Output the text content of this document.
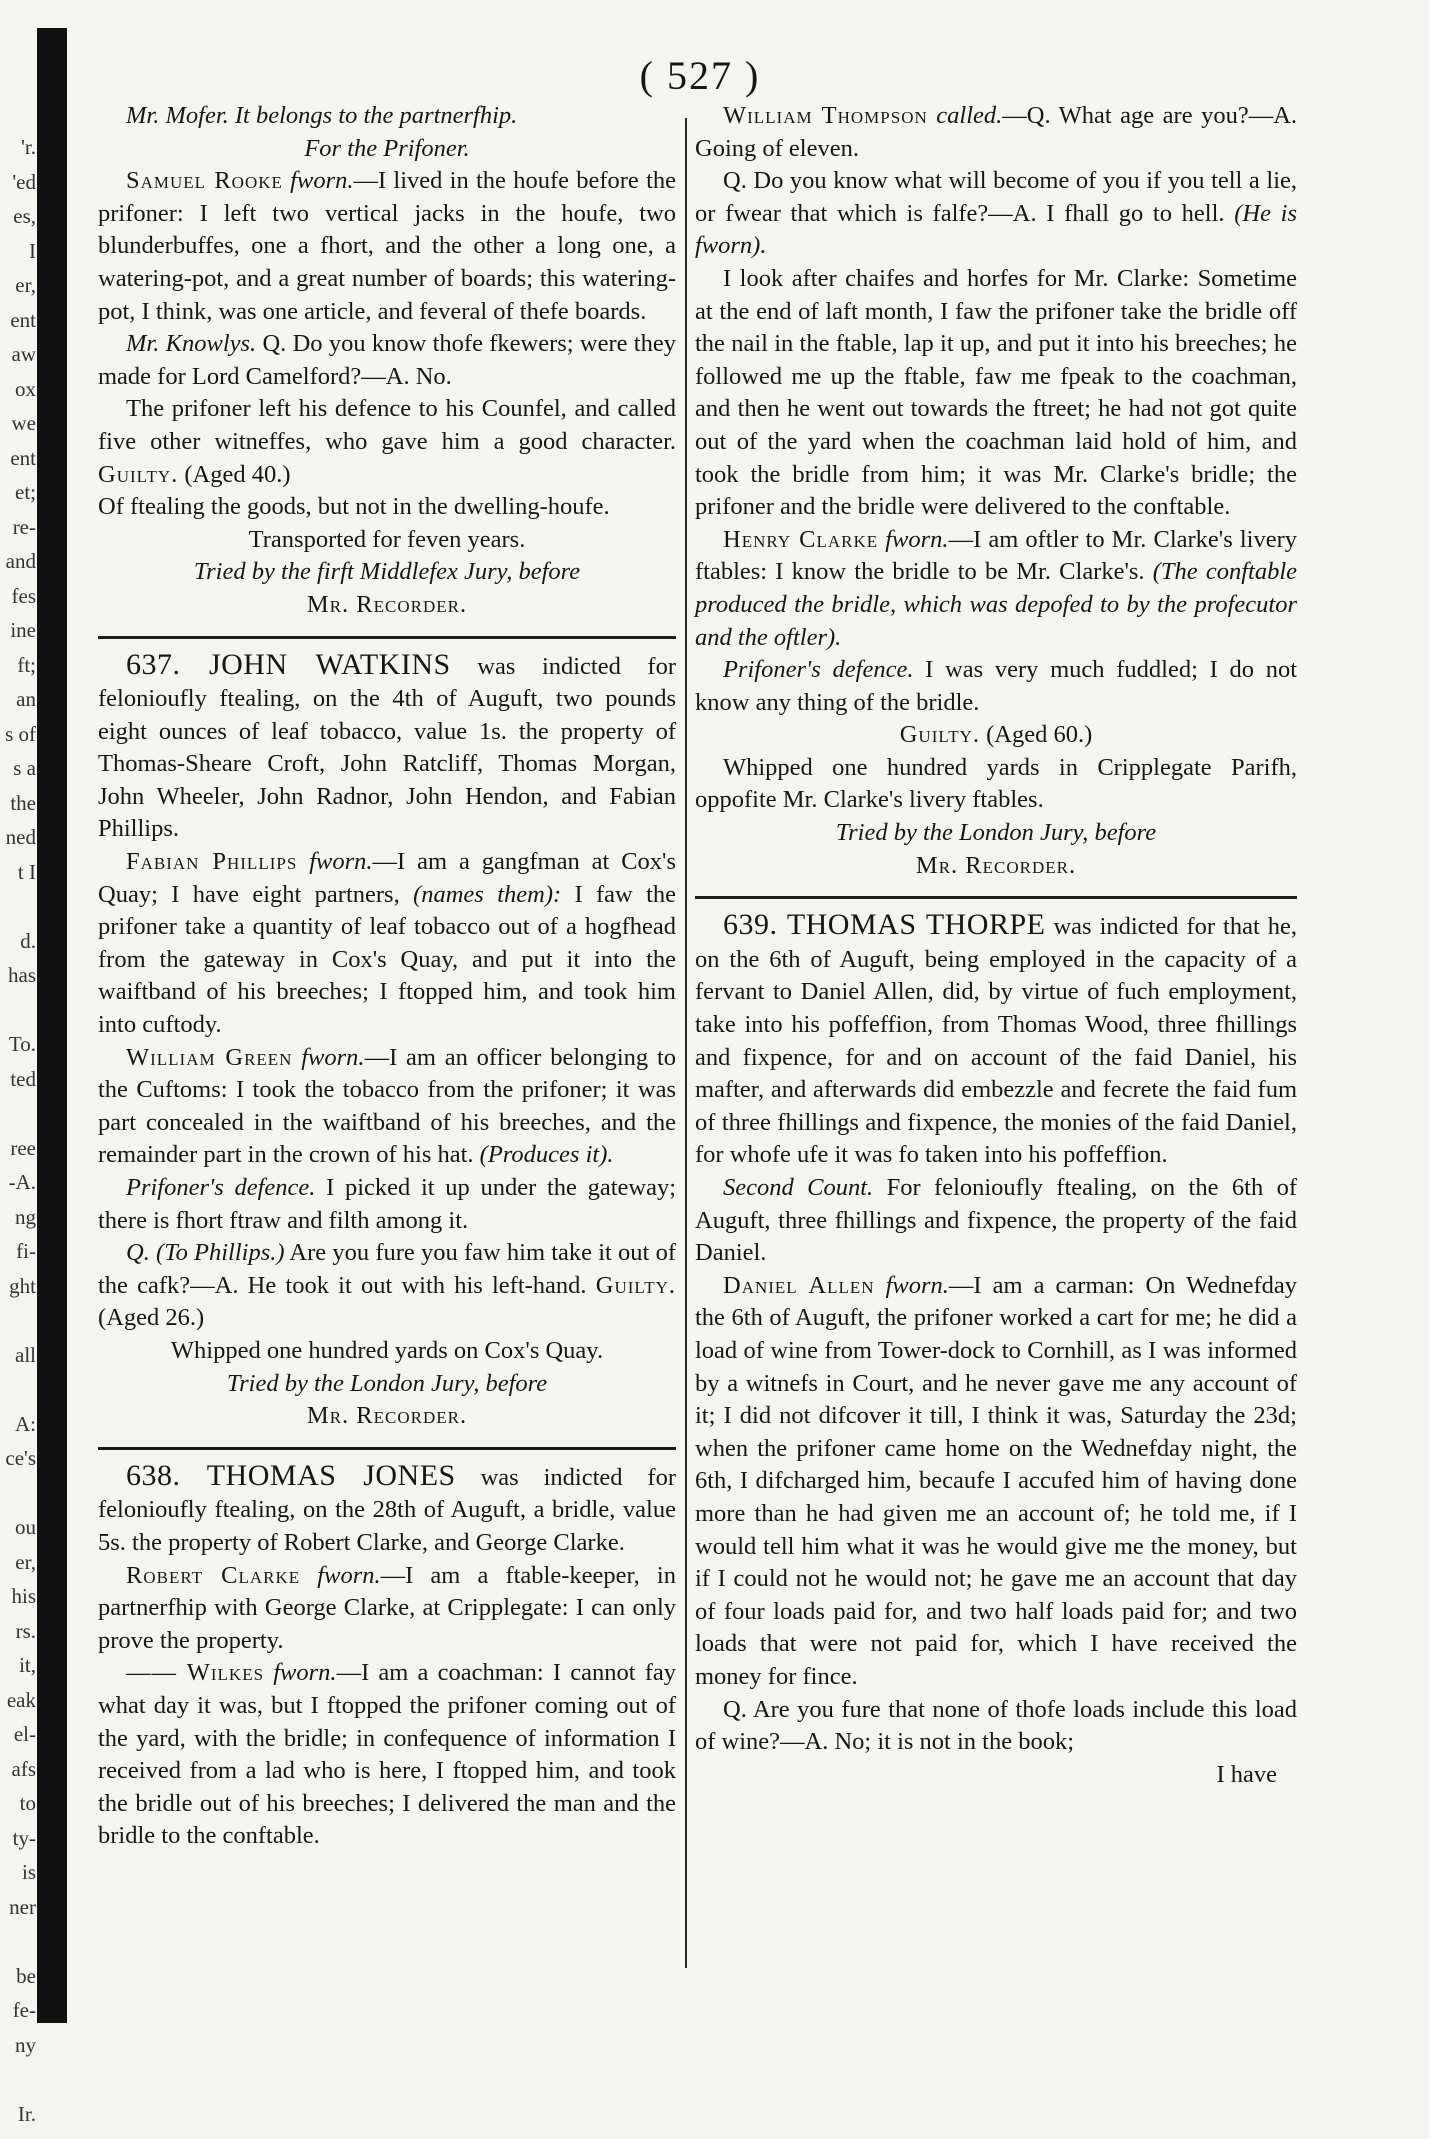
'r.
'ed
es,
I
er,
ent
aw
ox
we
ent
et;
re-
and
fes
ine
ft;
an
s of
s a
the
ned
t I
d.
has
To.
ted
ree
-A.
ng
fi-
ght
all
A:
ce's
ou
er,
his
rs.
it,
eak
el-
afs
to
ty-
is
ner
be
fe-
ny
Ir.
( 527 )

Mr. Mofer. It belongs to the partnerfhip.

For the Prifoner.

Samuel Rooke fworn.—I lived in the houfe before the prifoner: I left two vertical jacks in the houfe, two blunderbuffes, one a fhort, and the other a long one, a watering-pot, and a great number of boards; this watering-pot, I think, was one article, and feveral of thefe boards.

Mr. Knowlys. Q. Do you know thofe fkewers; were they made for Lord Camelford?—A. No.

The prifoner left his defence to his Counfel, and called five other witneffes, who gave him a good character. Guilty. (Aged 40.)

Of ftealing the goods, but not in the dwelling-houfe.

Transported for feven years.

Tried by the firft Middlefex Jury, before

Mr. Recorder.

637. JOHN WATKINS was indicted for felonioufly ftealing, on the 4th of Auguft, two pounds eight ounces of leaf tobacco, value 1s. the property of Thomas-Sheare Croft, John Ratcliff, Thomas Morgan, John Wheeler, John Radnor, John Hendon, and Fabian Phillips.

Fabian Phillips fworn.—I am a gangfman at Cox's Quay; I have eight partners, (names them): I faw the prifoner take a quantity of leaf tobacco out of a hogfhead from the gateway in Cox's Quay, and put it into the waiftband of his breeches; I ftopped him, and took him into cuftody.

William Green fworn.—I am an officer belonging to the Cuftoms: I took the tobacco from the prifoner; it was part concealed in the waiftband of his breeches, and the remainder part in the crown of his hat. (Produces it).

Prifoner's defence. I picked it up under the gateway; there is fhort ftraw and filth among it.

Q. (To Phillips.) Are you fure you faw him take it out of the cafk?—A. He took it out with his left-hand. Guilty. (Aged 26.)

Whipped one hundred yards on Cox's Quay.

Tried by the London Jury, before

Mr. Recorder.

638. THOMAS JONES was indicted for felonioufly ftealing, on the 28th of Auguft, a bridle, value 5s. the property of Robert Clarke, and George Clarke.

Robert Clarke fworn.—I am a ftable-keeper, in partnerfhip with George Clarke, at Cripplegate: I can only prove the property.

—— Wilkes fworn.—I am a coachman: I cannot fay what day it was, but I ftopped the prifoner coming out of the yard, with the bridle; in confequence of information I received from a lad who is here, I ftopped him, and took the bridle out of his breeches; I delivered the man and the bridle to the conftable.

William Thompson called.—Q. What age are you?—A. Going of eleven.

Q. Do you know what will become of you if you tell a lie, or fwear that which is falfe?—A. I fhall go to hell. (He is fworn).

I look after chaifes and horfes for Mr. Clarke: Sometime at the end of laft month, I faw the prifoner take the bridle off the nail in the ftable, lap it up, and put it into his breeches; he followed me up the ftable, faw me fpeak to the coachman, and then he went out towards the ftreet; he had not got quite out of the yard when the coachman laid hold of him, and took the bridle from him; it was Mr. Clarke's bridle; the prifoner and the bridle were delivered to the conftable.

Henry Clarke fworn.—I am oftler to Mr. Clarke's livery ftables: I know the bridle to be Mr. Clarke's. (The conftable produced the bridle, which was depofed to by the profecutor and the oftler).

Prifoner's defence. I was very much fuddled; I do not know any thing of the bridle.

Guilty. (Aged 60.)

Whipped one hundred yards in Cripplegate Parifh, oppofite Mr. Clarke's livery ftables.

Tried by the London Jury, before

Mr. Recorder.

639. THOMAS THORPE was indicted for that he, on the 6th of Auguft, being employed in the capacity of a fervant to Daniel Allen, did, by virtue of fuch employment, take into his poffeffion, from Thomas Wood, three fhillings and fixpence, for and on account of the faid Daniel, his mafter, and afterwards did embezzle and fecrete the faid fum of three fhillings and fixpence, the monies of the faid Daniel, for whofe ufe it was fo taken into his poffeffion.

Second Count. For felonioufly ftealing, on the 6th of Auguft, three fhillings and fixpence, the property of the faid Daniel.

Daniel Allen fworn.—I am a carman: On Wednefday the 6th of Auguft, the prifoner worked a cart for me; he did a load of wine from Tower-dock to Cornhill, as I was informed by a witnefs in Court, and he never gave me any account of it; I did not difcover it till, I think it was, Saturday the 23d; when the prifoner came home on the Wednefday night, the 6th, I difcharged him, becaufe I accufed him of having done more than he had given me an account of; he told me, if I would tell him what it was he would give me the money, but if I could not he would not; he gave me an account that day of four loads paid for, and two half loads paid for; and two loads that were not paid for, which I have received the money for fince.

Q. Are you fure that none of thofe loads include this load of wine?—A. No; it is not in the book;

I have
